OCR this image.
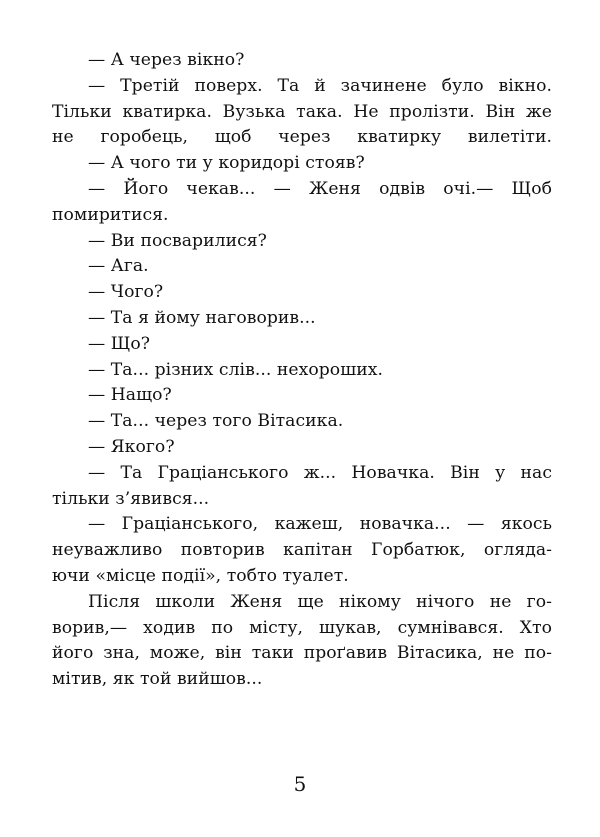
— А через вікно?
— Третій поверх. Та й зачинене було вікно.
Тільки кватирка. Вузька така. Не пролізти. Він же
не горобець, щоб через кватирку вилетіти.
— А чого ти у коридорі стояв?
— Його чекав... — Женя одвів очі.— Щоб
помиритися.
— Ви посварилися?
— Ага.
— Чого?
— Та я йому наговорив...
— Що?
— Та... різних слів... нехороших.
— Нащо?
— Та... через того Вітасика.
— Якого?
— Та Граціанського ж... Новачка. Він у нас
тільки з’явився...
— Граціанського, кажеш, новачка... — якось
неуважливо повторив капітан Горбатюк, огляда-
ючи «місце події», тобто туалет.
Після школи Женя ще нікому нічого не го-
ворив,— ходив по місту, шукав, сумнівався. Хто
його зна, може, він таки проґавив Вітасика, не по-
мітив, як той вийшов...
5
